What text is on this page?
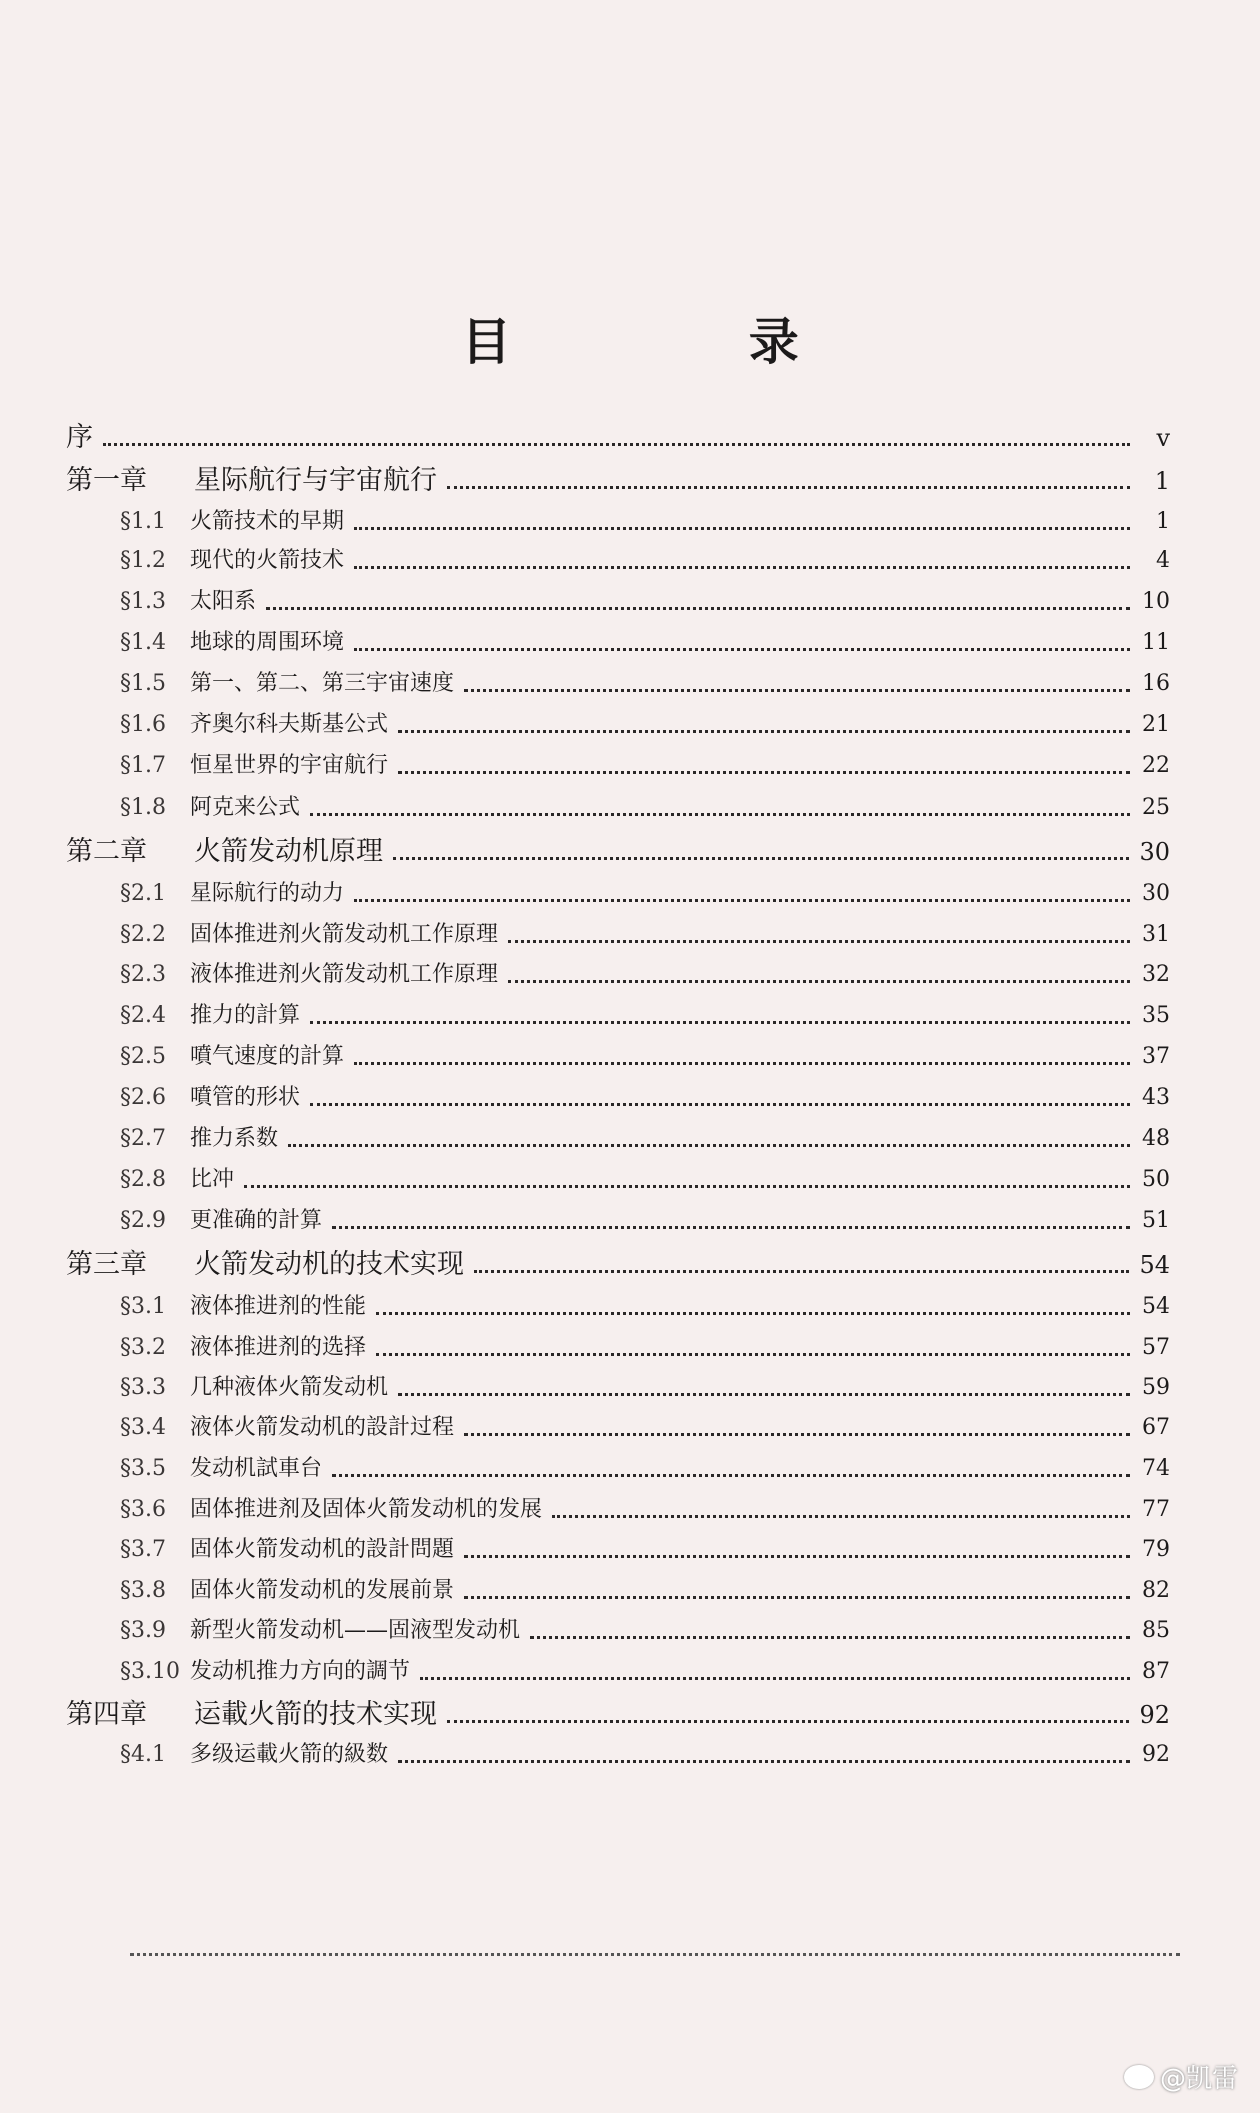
目 录
序	v
第一章	星际航行与宇宙航行	1
§1.1	火箭技术的早期	1
§1.2	现代的火箭技术	4
§1.3	太阳系	10
§1.4	地球的周围环境	11
§1.5	第一、第二、第三宇宙速度	16
§1.6	齐奥尔科夫斯基公式	21
§1.7	恒星世界的宇宙航行	22
§1.8	阿克来公式	25
第二章	火箭发动机原理	30
§2.1	星际航行的动力	30
§2.2	固体推进剂火箭发动机工作原理	31
§2.3	液体推进剂火箭发动机工作原理	32
§2.4	推力的計算	35
§2.5	噴气速度的計算	37
§2.6	噴管的形状	43
§2.7	推力系数	48
§2.8	比冲	50
§2.9	更准确的計算	51
第三章	火箭发动机的技术实现	54
§3.1	液体推进剂的性能	54
§3.2	液体推进剂的选择	57
§3.3	几种液体火箭发动机	59
§3.4	液体火箭发动机的設計过程	67
§3.5	发动机試車台	74
§3.6	固体推进剂及固体火箭发动机的发展	77
§3.7	固体火箭发动机的設計問題	79
§3.8	固体火箭发动机的发展前景	82
§3.9	新型火箭发动机——固液型发动机	85
§3.10 发动机推力方向的調节	87
第四章	运載火箭的技术实现	92
§4.1	多级运載火箭的級数	92
@凯雷
